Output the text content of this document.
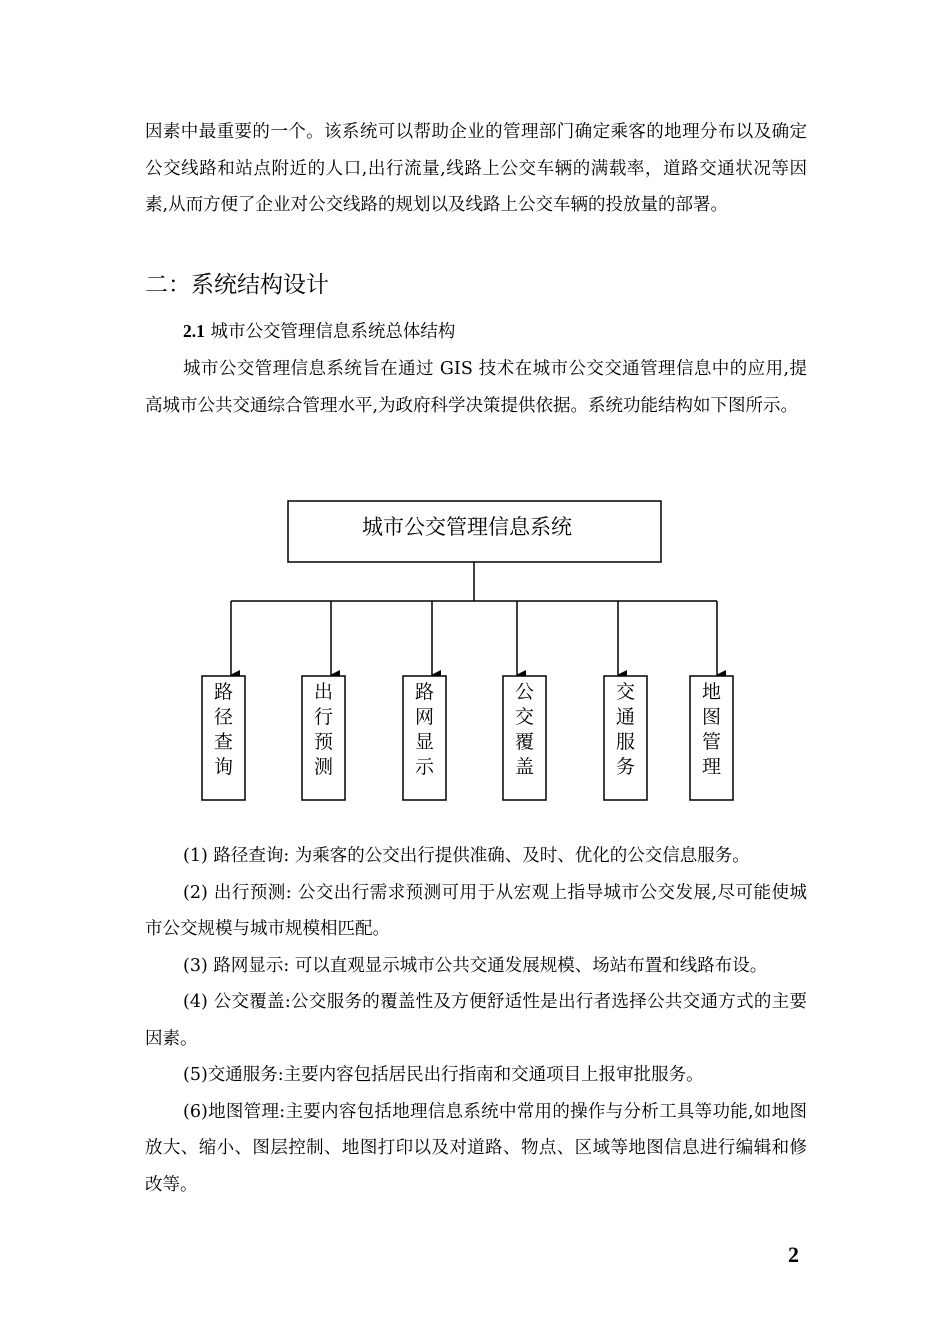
因素中最重要的一个。该系统可以帮助企业的管理部门确定乘客的地理分布以及确定公交线路和站点附近的人口,出行流量,线路上公交车辆的满载率，道路交通状况等因素,从而方便了企业对公交线路的规划以及线路上公交车辆的投放量的部署。

二：系统结构设计

2.1 城市公交管理信息系统总体结构

城市公交管理信息系统旨在通过 GIS 技术在城市公交交通管理信息中的应用,提高城市公共交通综合管理水平,为政府科学决策提供依据。系统功能结构如下图所示。

城市公交管理信息系统
路径查询
出行预测
路网显示
公交覆盖
交通服务
地图管理
(1) 路径查询: 为乘客的公交出行提供准确、及时、优化的公交信息服务。
(2) 出行预测: 公交出行需求预测可用于从宏观上指导城市公交发展,尽可能使城市公交规模与城市规模相匹配。
(3) 路网显示: 可以直观显示城市公共交通发展规模、场站布置和线路布设。
(4) 公交覆盖:公交服务的覆盖性及方便舒适性是出行者选择公共交通方式的主要因素。
(5)交通服务:主要内容包括居民出行指南和交通项目上报审批服务。
(6)地图管理:主要内容包括地理信息系统中常用的操作与分析工具等功能,如地图放大、缩小、图层控制、地图打印以及对道路、物点、区域等地图信息进行编辑和修改等。
2
